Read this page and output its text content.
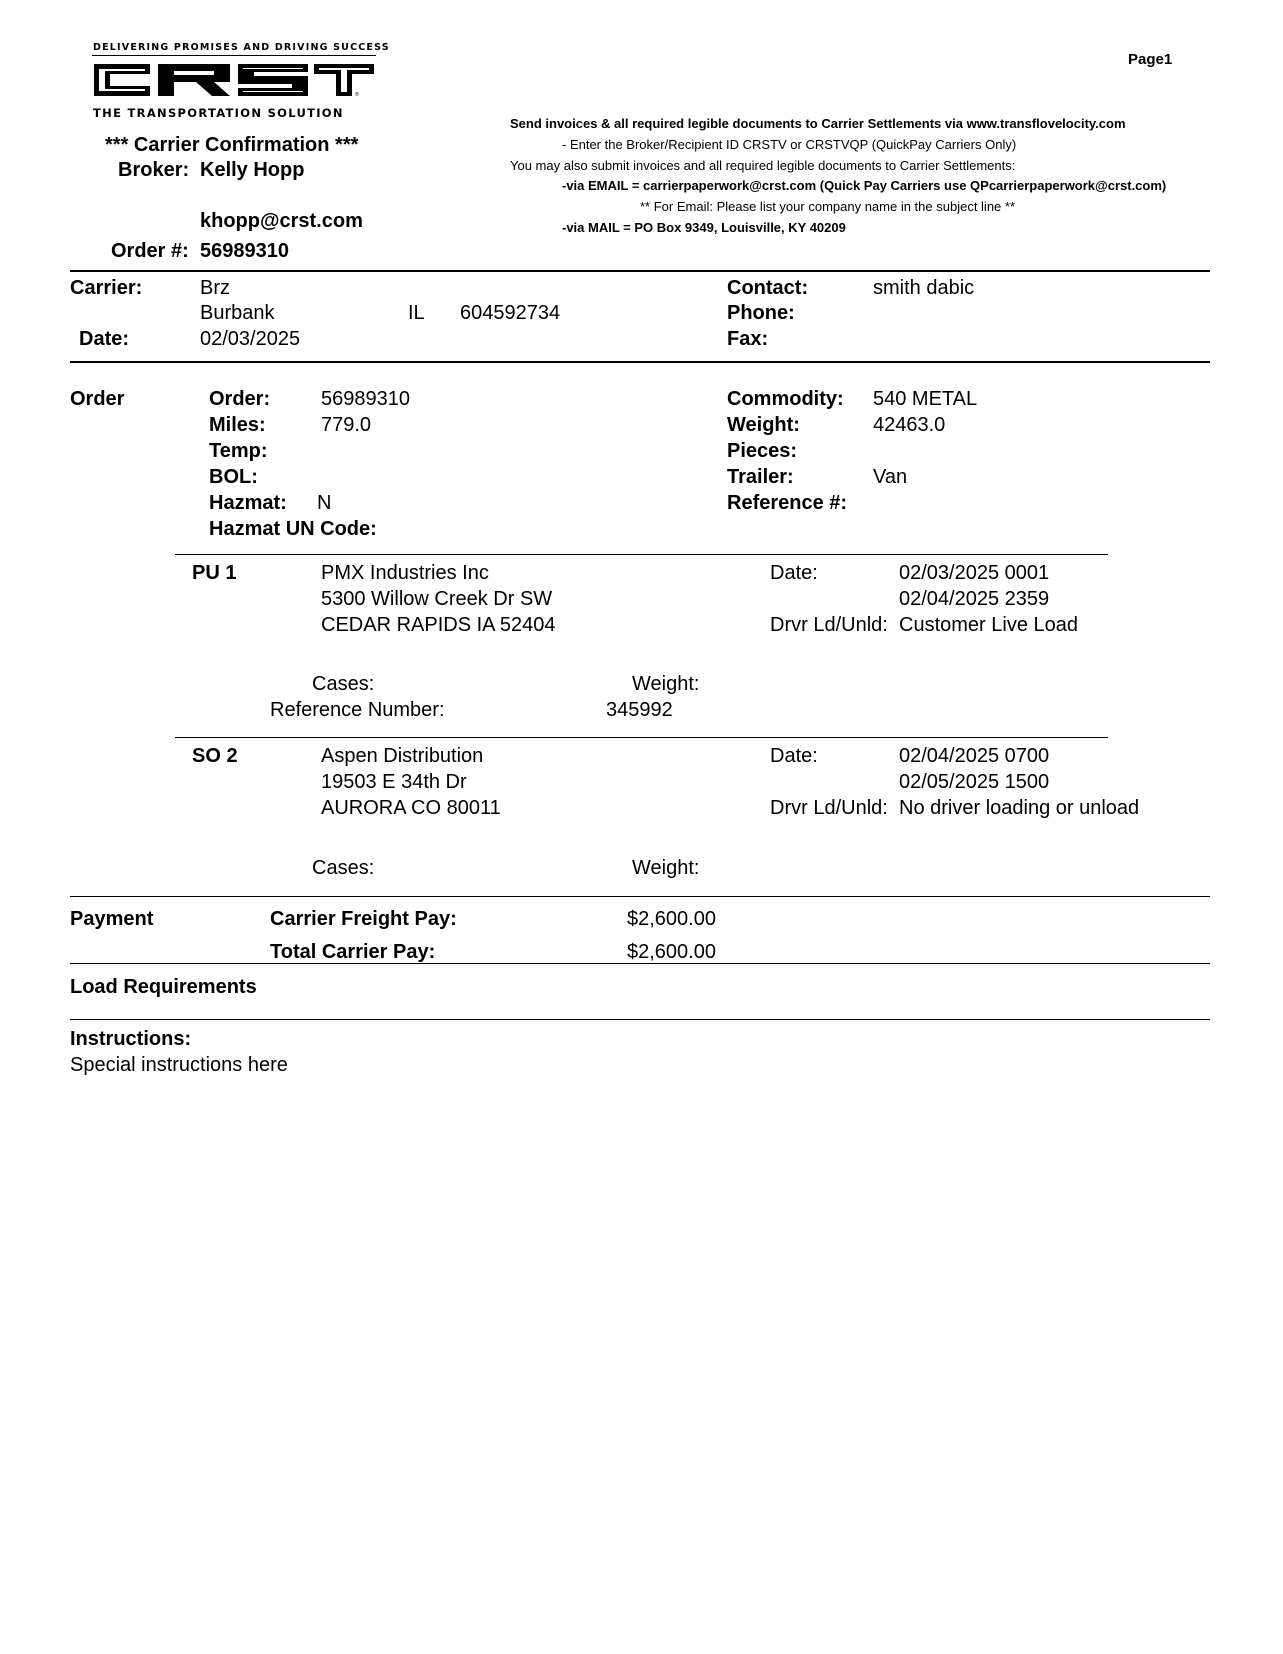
Page1
DELIVERING PROMISES AND DRIVING SUCCESS
®
THE TRANSPORTATION SOLUTION
*** Carrier Confirmation ***
Broker: Kelly Hopp
khopp@crst.com
Order #: 56989310
Send invoices & all required legible documents to Carrier Settlements via www.transflovelocity.com
- Enter the Broker/Recipient ID CRSTV or CRSTVQP (QuickPay Carriers Only)
You may also submit invoices and all required legible documents to Carrier Settlements:
-via EMAIL = carrierpaperwork@crst.com (Quick Pay Carriers use QPcarrierpaperwork@crst.com)
** For Email: Please list your company name in the subject line **
-via MAIL = PO Box 9349, Louisville, KY 40209
Carrier:	Brz
Burbank	IL 604592734
Date:	02/03/2025
Contact:	smith dabic
Phone:
Fax:
Order	Order:	56989310
Miles:	779.0
Temp:
BOL:
Hazmat: N
Hazmat UN Code:
Commodity: 540 METAL
Weight:	42463.0
Pieces:
Trailer:	Van
Reference #:
PU 1	PMX Industries Inc
5300 Willow Creek Dr SW
CEDAR RAPIDS IA 52404
Date:	02/03/2025 0001
02/04/2025 2359
Drvr Ld/Unld: Customer Live Load
Cases:	Weight:
Reference Number:	345992
SO 2	Aspen Distribution
19503 E 34th Dr
AURORA CO 80011
Date:	02/04/2025 0700
02/05/2025 1500
Drvr Ld/Unld: No driver loading or unload
Cases:	Weight:
Payment	Carrier Freight Pay:	$2,600.00
Total Carrier Pay:	$2,600.00
Load Requirements
Instructions:
Special instructions here
